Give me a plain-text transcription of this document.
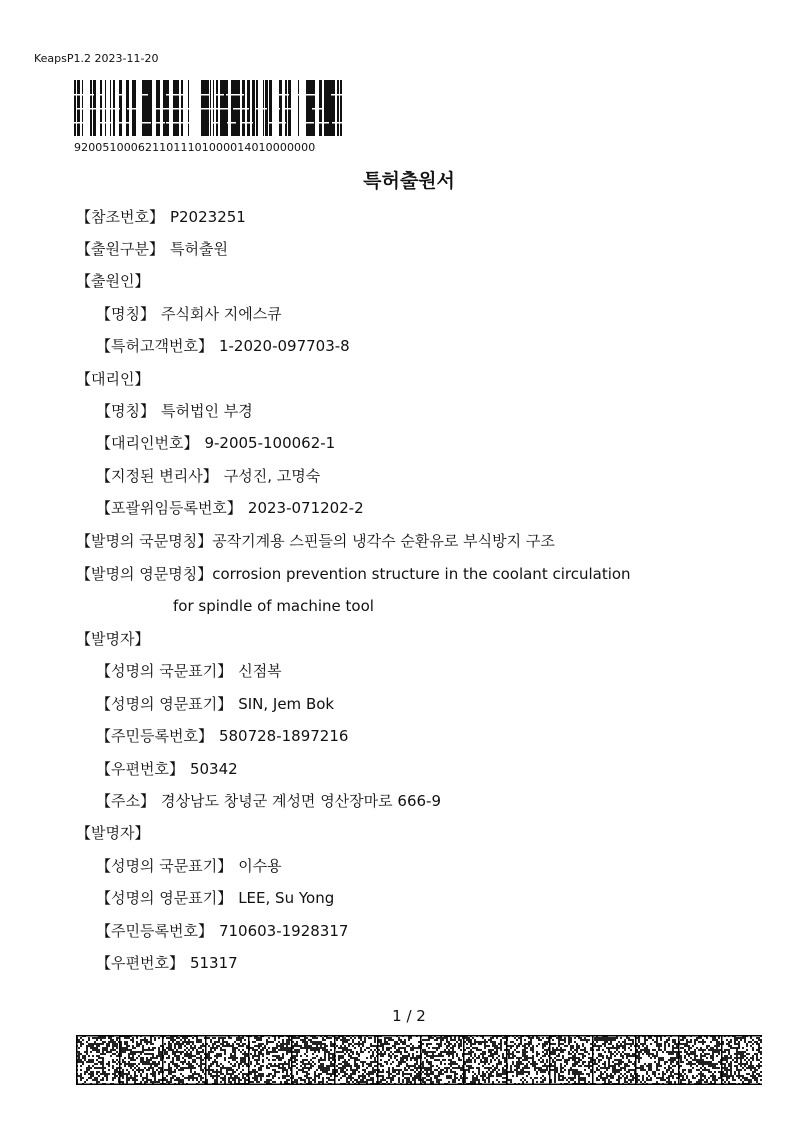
KeapsP1.2 2023-11-20
9200510006211011101000014010000000
특허출원서
【참조번호】 P2023251
【출원구분】 특허출원
【출원인】
【명칭】 주식회사 지에스큐
【특허고객번호】 1-2020-097703-8
【대리인】
【명칭】 특허법인 부경
【대리인번호】 9-2005-100062-1
【지정된 변리사】 구성진, 고명숙
【포괄위임등록번호】 2023-071202-2
【발명의 국문명칭】공작기계용 스핀들의 냉각수 순환유로 부식방지 구조
【발명의 영문명칭】corrosion prevention structure in the coolant circulation
for spindle of machine tool
【발명자】
【성명의 국문표기】 신점복
【성명의 영문표기】 SIN, Jem Bok
【주민등록번호】 580728-1897216
【우편번호】 50342
【주소】 경상남도 창녕군 계성면 영산장마로 666-9
【발명자】
【성명의 국문표기】 이수용
【성명의 영문표기】 LEE, Su Yong
【주민등록번호】 710603-1928317
【우편번호】 51317
1 / 2
